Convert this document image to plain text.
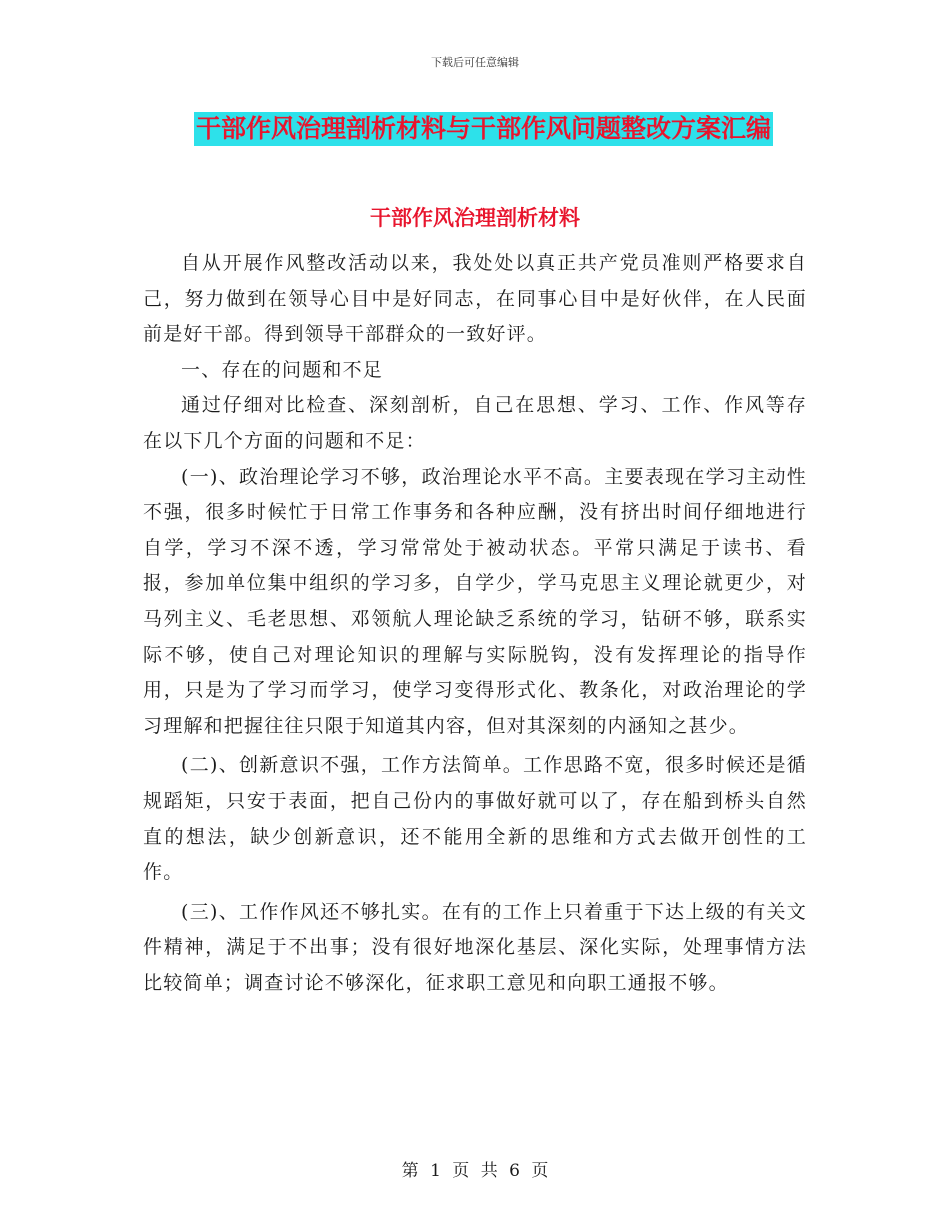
下载后可任意编辑
干部作风治理剖析材料与干部作风问题整改方案汇编
干部作风治理剖析材料

自从开展作风整改活动以来，我处处以真正共产党员准则严格要求自己，努力做到在领导心目中是好同志，在同事心目中是好伙伴，在人民面前是好干部。得到领导干部群众的一致好评。

一、存在的问题和不足

通过仔细对比检查、深刻剖析，自己在思想、学习、工作、作风等存在以下几个方面的问题和不足：

(一)、政治理论学习不够，政治理论水平不高。主要表现在学习主动性不强，很多时候忙于日常工作事务和各种应酬，没有挤出时间仔细地进行自学，学习不深不透，学习常常处于被动状态。平常只满足于读书、看报，参加单位集中组织的学习多，自学少，学马克思主义理论就更少，对马列主义、毛老思想、邓领航人理论缺乏系统的学习，钻研不够，联系实际不够，使自己对理论知识的理解与实际脱钩，没有发挥理论的指导作用，只是为了学习而学习，使学习变得形式化、教条化，对政治理论的学习理解和把握往往只限于知道其内容，但对其深刻的内涵知之甚少。

(二)、创新意识不强，工作方法简单。工作思路不宽，很多时候还是循规蹈矩，只安于表面，把自己份内的事做好就可以了，存在船到桥头自然直的想法，缺少创新意识，还不能用全新的思维和方式去做开创性的工作。

(三)、工作作风还不够扎实。在有的工作上只着重于下达上级的有关文件精神，满足于不出事；没有很好地深化基层、深化实际，处理事情方法比较简单；调查讨论不够深化，征求职工意见和向职工通报不够。

第 1 页 共 6 页
